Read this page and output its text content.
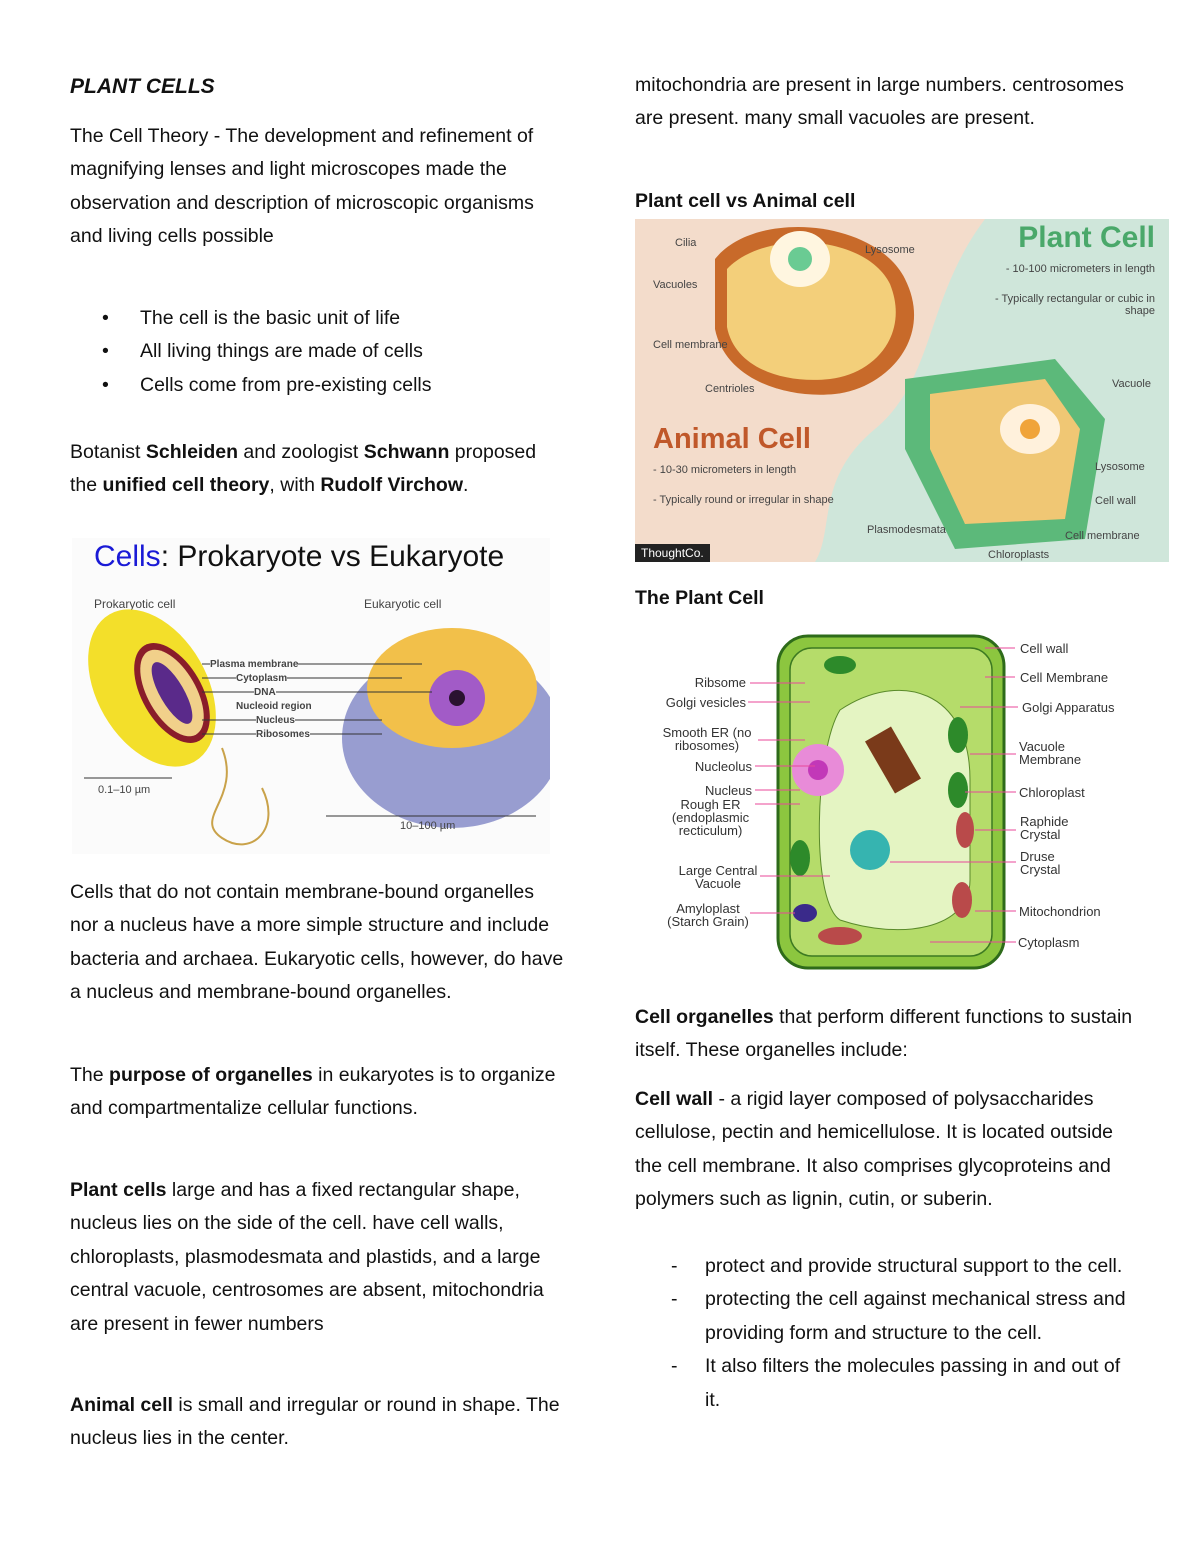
PLANT CELLS

The Cell Theory - The development and refinement of magnifying lenses and light microscopes made the observation and description of microscopic organisms and living cells possible

• The cell is the basic unit of life
• All living things are made of cells
• Cells come from pre-existing cells

Botanist Schleiden and zoologist Schwann proposed the unified cell theory, with Rudolf Virchow.

Cells: Prokaryote vs Eukaryote
Prokaryotic cell	Eukaryotic cell
Plasma membrane
Cytoplasm
DNA
Nucleoid region
Nucleus
Ribosomes
0.1–10 µm
10–100 µm

Cells that do not contain membrane-bound organelles nor a nucleus have a more simple structure and include bacteria and archaea. Eukaryotic cells, however, do have a nucleus and membrane-bound organelles.

The purpose of organelles in eukaryotes is to organize and compartmentalize cellular functions.

Plant cells large and has a fixed rectangular shape, nucleus lies on the side of the cell. have cell walls, chloroplasts, plasmodesmata and plastids, and a large central vacuole, centrosomes are absent, mitochondria are present in fewer numbers

Animal cell is small and irregular or round in shape. The nucleus lies in the center.

mitochondria are present in large numbers. centrosomes are present. many small vacuoles are present.

Plant cell vs Animal cell
Plant Cell
- 10-100 micrometers in length
- Typically rectangular or cubic in shape
Animal Cell
- 10-30 micrometers in length
- Typically round or irregular in shape
Cilia
Vacuoles
Cell membrane
Centrioles
Lysosome
Vacuole
Lysosome
Cell wall
Cell membrane
Chloroplasts
Plasmodesmata
ThoughtCo.
The Plant Cell
Ribsome
Golgi vesicles
Smooth ER (no ribosomes)
Nucleolus
Nucleus
Rough ER (endoplasmic recticulum)
Large Central Vacuole
Amyloplast (Starch Grain)
Cell wall
Cell Membrane
Golgi Apparatus
Vacuole Membrane
Chloroplast
Raphide Crystal
Druse Crystal
Mitochondrion
Cytoplasm

Cell organelles that perform different functions to sustain itself. These organelles include:

Cell wall - a rigid layer composed of polysaccharides cellulose, pectin and hemicellulose. It is located outside the cell membrane. It also comprises glycoproteins and polymers such as lignin, cutin, or suberin.

- protect and provide structural support to the cell.
- protecting the cell against mechanical stress and providing form and structure to the cell.
- It also filters the molecules passing in and out of it.
